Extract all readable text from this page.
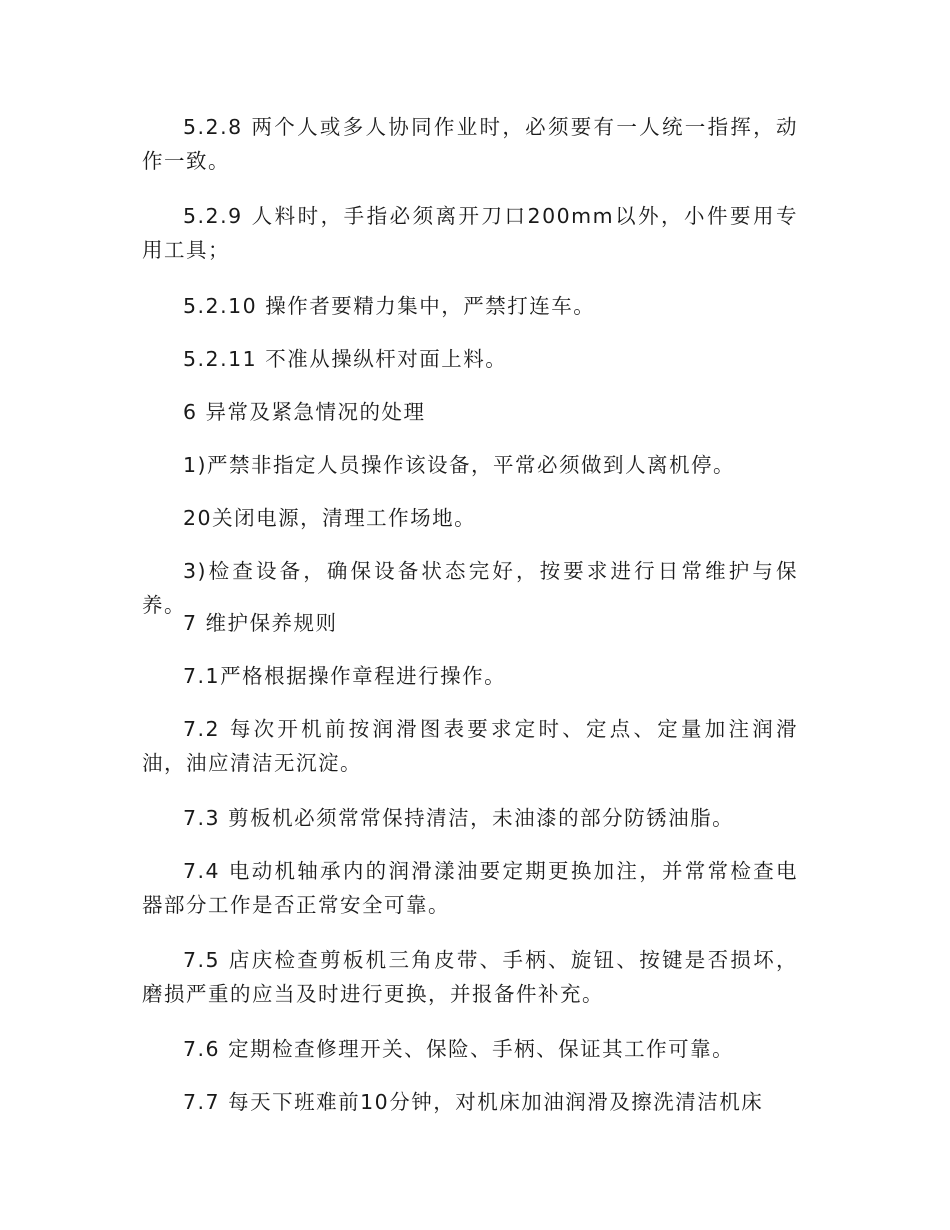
5.2.8 两个人或多人协同作业时，必须要有一人统一指挥，动作一致。

5.2.9 人料时，手指必须离开刀口200mm以外，小件要用专用工具；

5.2.10 操作者要精力集中，严禁打连车。

5.2.11 不准从操纵杆对面上料。

6 异常及紧急情况的处理

1)严禁非指定人员操作该设备，平常必须做到人离机停。

20关闭电源，清理工作场地。

3)检查设备，确保设备状态完好，按要求进行日常维护与保养。

7 维护保养规则

7.1严格根据操作章程进行操作。

7.2 每次开机前按润滑图表要求定时、定点、定量加注润滑油，油应清洁无沉淀。

7.3 剪板机必须常常保持清洁，未油漆的部分防锈油脂。

7.4 电动机轴承内的润滑漾油要定期更换加注，并常常检查电器部分工作是否正常安全可靠。

7.5 店庆检查剪板机三角皮带、手柄、旋钮、按键是否损坏，磨损严重的应当及时进行更换，并报备件补充。

7.6 定期检查修理开关、保险、手柄、保证其工作可靠。

7.7 每天下班难前10分钟，对机床加油润滑及擦洗清洁机床
